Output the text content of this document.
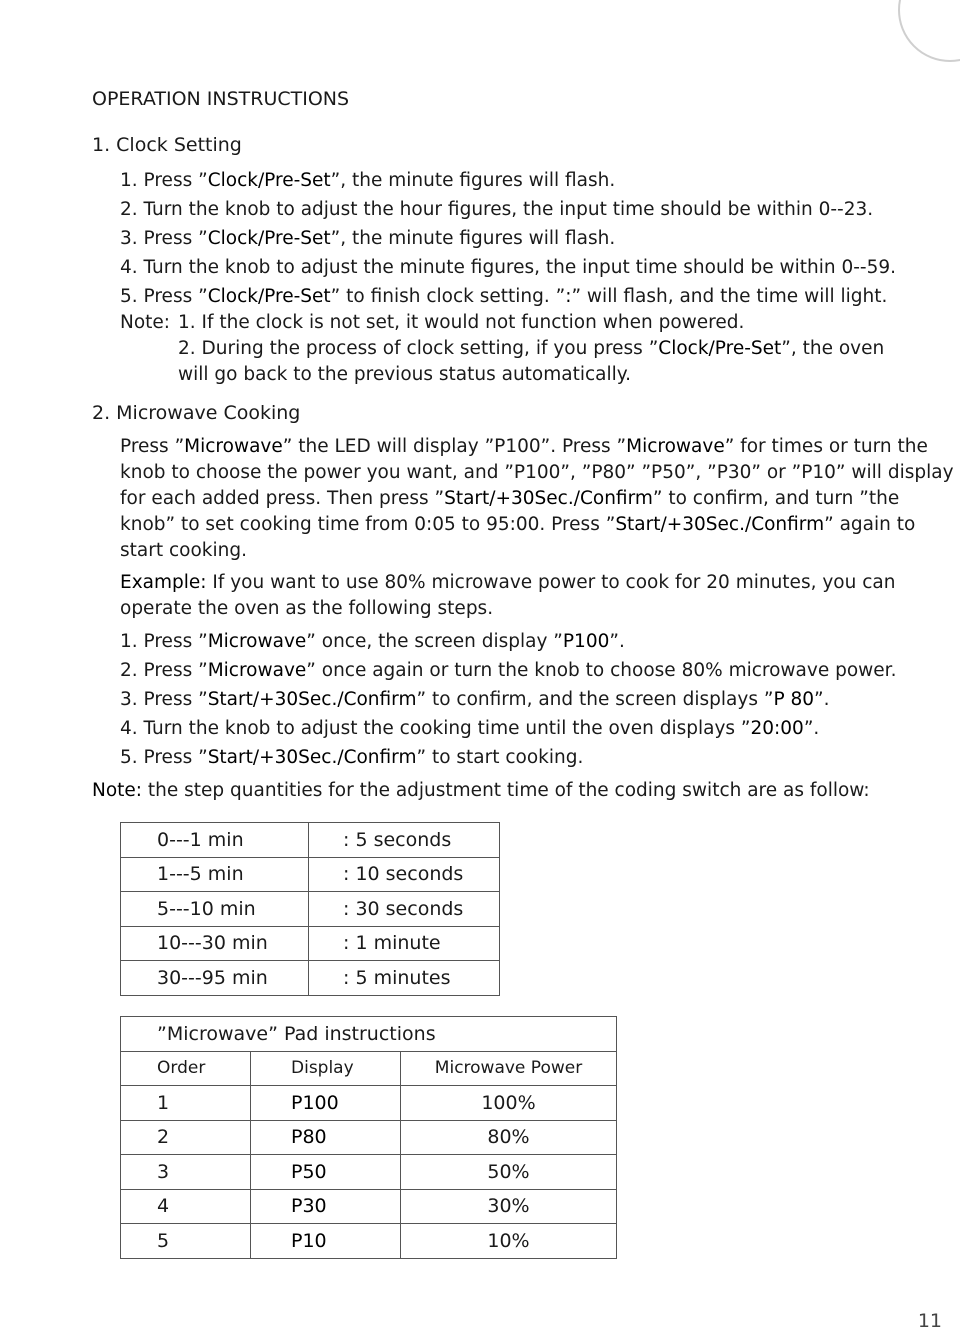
OPERATION INSTRUCTIONS
1. Clock Setting
1. Press ”Clock/Pre-Set”, the minute figures will flash.
2. Turn the knob to adjust the hour figures, the input time should be within 0--23.
3. Press ”Clock/Pre-Set”, the minute figures will flash.
4. Turn the knob to adjust the minute figures, the input time should be within 0--59.
5. Press ”Clock/Pre-Set” to finish clock setting. ”:” will flash, and the time will light.
Note: 1. If the clock is not set, it would not function when powered.
2. During the process of clock setting, if you press ”Clock/Pre-Set”, the oven
will go back to the previous status automatically.
2. Microwave Cooking
Press ”Microwave” the LED will display ”P100”. Press ”Microwave” for times or turn the
knob to choose the power you want, and ”P100”, ”P80” ”P50”, ”P30” or ”P10” will display
for each added press. Then press ”Start/+30Sec./Confirm” to confirm, and turn ”the
knob” to set cooking time from 0:05 to 95:00. Press ”Start/+30Sec./Confirm” again to
start cooking.
Example: If you want to use 80% microwave power to cook for 20 minutes, you can
operate the oven as the following steps.
1. Press ”Microwave” once, the screen display ”P100”.
2. Press ”Microwave” once again or turn the knob to choose 80% microwave power.
3. Press ”Start/+30Sec./Confirm” to confirm, and the screen displays ”P 80”.
4. Turn the knob to adjust the cooking time until the oven displays ”20:00”.
5. Press ”Start/+30Sec./Confirm” to start cooking.
Note: the step quantities for the adjustment time of the coding switch are as follow:
0---1 min	: 5 seconds
1---5 min	: 10 seconds
5---10 min	: 30 seconds
10---30 min	: 1 minute
30---95 min	: 5 minutes
”Microwave” Pad instructions		
Order	Display	Microwave Power
1	P100	100%
2	P80	80%
3	P50	50%
4	P30	30%
5	P10	10%
11
